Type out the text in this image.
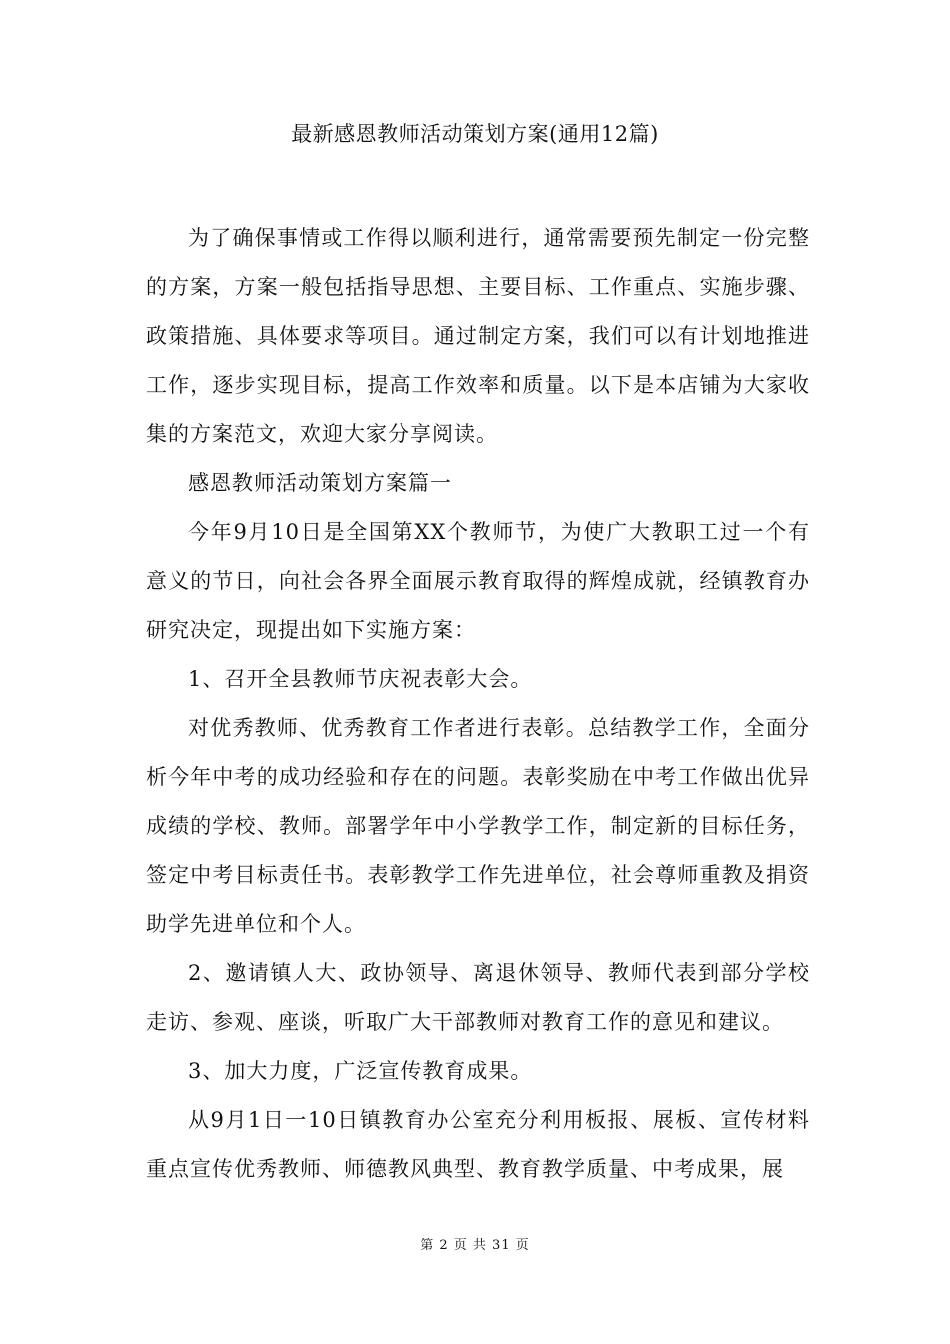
最新感恩教师活动策划方案(通用12篇)

为了确保事情或工作得以顺利进行，通常需要预先制定一份完整的方案，方案一般包括指导思想、主要目标、工作重点、实施步骤、政策措施、具体要求等项目。通过制定方案，我们可以有计划地推进工作，逐步实现目标，提高工作效率和质量。以下是本店铺为大家收集的方案范文，欢迎大家分享阅读。

感恩教师活动策划方案篇一

今年9月10日是全国第XX个教师节，为使广大教职工过一个有意义的节日，向社会各界全面展示教育取得的辉煌成就，经镇教育办研究决定，现提出如下实施方案：

1、召开全县教师节庆祝表彰大会。

对优秀教师、优秀教育工作者进行表彰。总结教学工作，全面分析今年中考的成功经验和存在的问题。表彰奖励在中考工作做出优异成绩的学校、教师。部署学年中小学教学工作，制定新的目标任务，签定中考目标责任书。表彰教学工作先进单位，社会尊师重教及捐资助学先进单位和个人。

2、邀请镇人大、政协领导、离退休领导、教师代表到部分学校走访、参观、座谈，听取广大干部教师对教育工作的意见和建议。

3、加大力度，广泛宣传教育成果。

从9月1日一10日镇教育办公室充分利用板报、展板、宣传材料重点宣传优秀教师、师德教风典型、教育教学质量、中考成果，展

第 2 页 共 31 页
